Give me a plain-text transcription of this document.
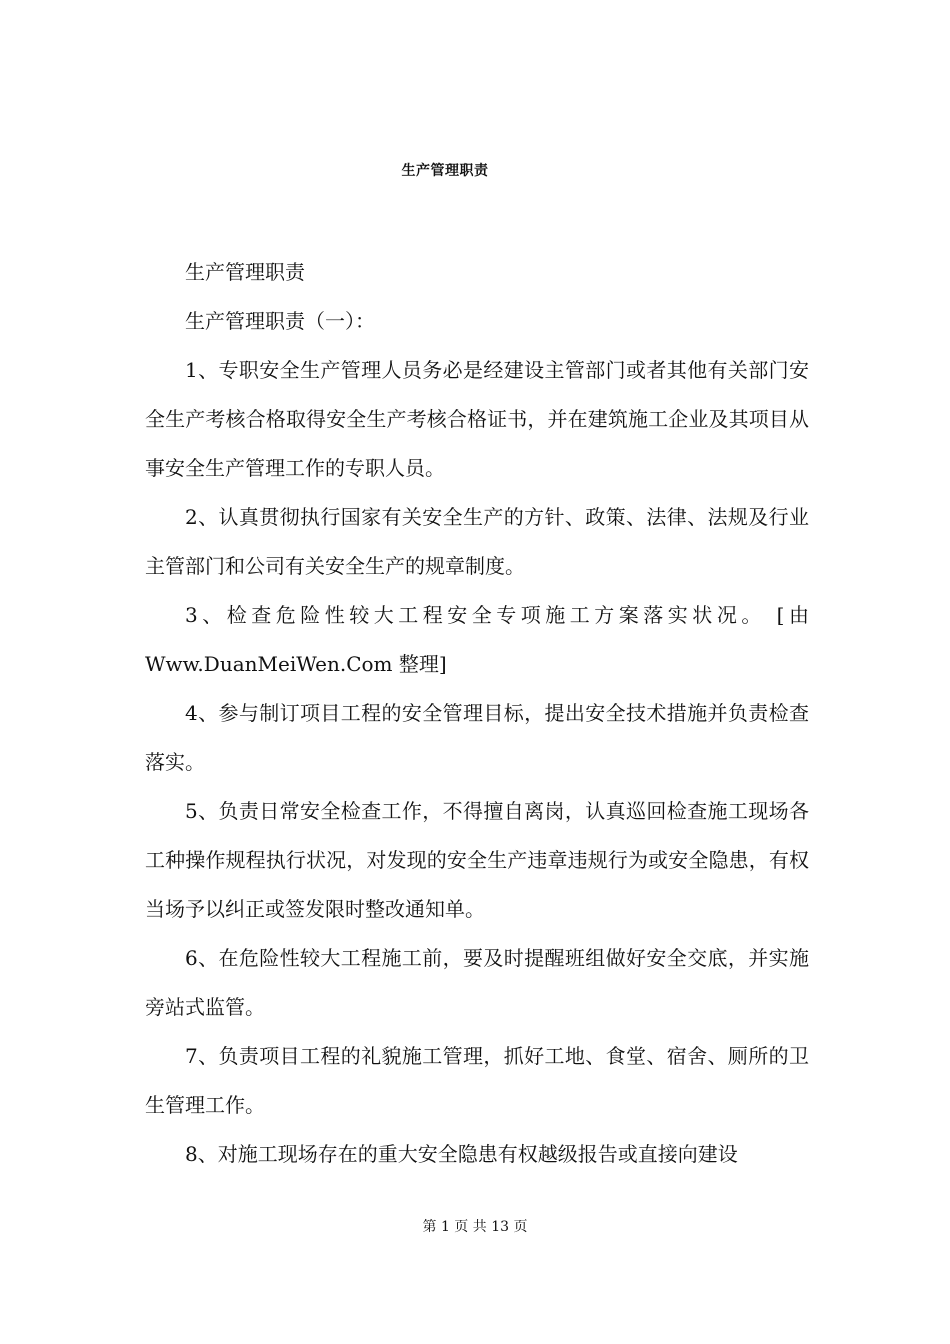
生产管理职责

生产管理职责

生产管理职责（一）：

1、专职安全生产管理人员务必是经建设主管部门或者其他有关部门安全生产考核合格取得安全生产考核合格证书，并在建筑施工企业及其项目从事安全生产管理工作的专职人员。

2、认真贯彻执行国家有关安全生产的方针、政策、法律、法规及行业主管部门和公司有关安全生产的规章制度。

3、检查危险性较大工程安全专项施工方案落实状况。 [由 Www.DuanMeiWen.Com 整理]

4、参与制订项目工程的安全管理目标，提出安全技术措施并负责检查落实。

5、负责日常安全检查工作，不得擅自离岗，认真巡回检查施工现场各工种操作规程执行状况，对发现的安全生产违章违规行为或安全隐患，有权当场予以纠正或签发限时整改通知单。

6、在危险性较大工程施工前，要及时提醒班组做好安全交底，并实施旁站式监管。

7、负责项目工程的礼貌施工管理，抓好工地、食堂、宿舍、厕所的卫生管理工作。

8、对施工现场存在的重大安全隐患有权越级报告或直接向建设

第 1 页 共 13 页
